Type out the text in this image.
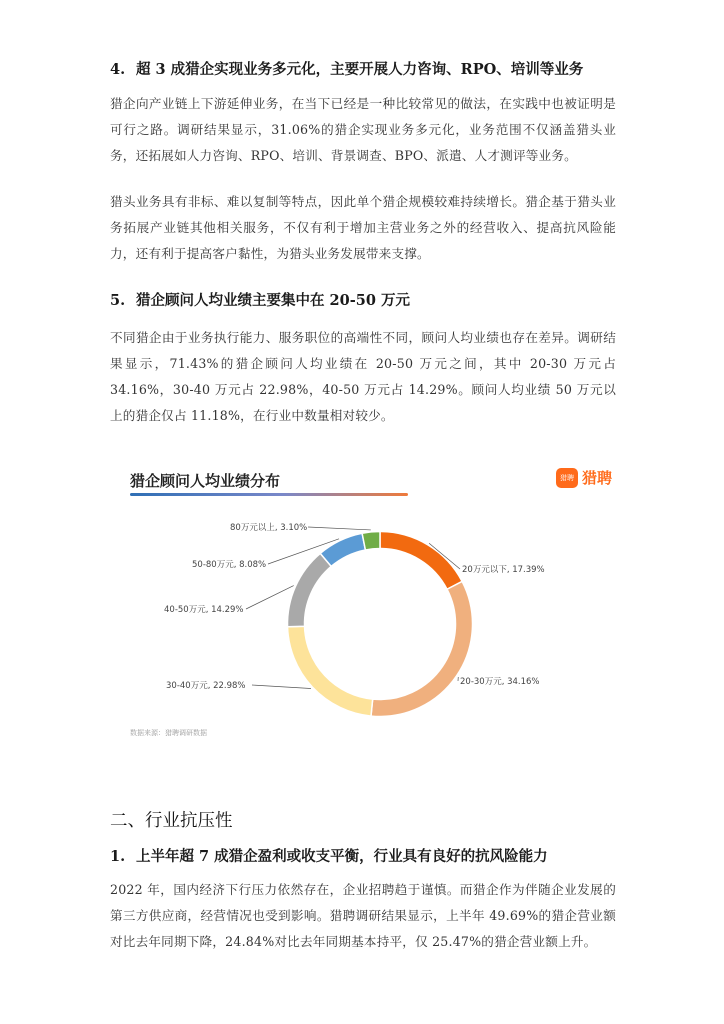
4. 超 3 成猎企实现业务多元化，主要开展人力咨询、RPO、培训等业务
猎企向产业链上下游延伸业务，在当下已经是一种比较常见的做法，在实践中也被证明是可行之路。调研结果显示，31.06%的猎企实现业务多元化，业务范围不仅涵盖猎头业务，还拓展如人力咨询、RPO、培训、背景调查、BPO、派遣、人才测评等业务。
猎头业务具有非标、难以复制等特点，因此单个猎企规模较难持续增长。猎企基于猎头业务拓展产业链其他相关服务，不仅有利于增加主营业务之外的经营收入、提高抗风险能力，还有利于提高客户黏性，为猎头业务发展带来支撑。
5. 猎企顾问人均业绩主要集中在 20-50 万元
不同猎企由于业务执行能力、服务职位的高端性不同，顾问人均业绩也存在差异。调研结果显示，71.43%的猎企顾问人均业绩在 20-50 万元之间，其中 20-30 万元占 34.16%，30-40 万元占 22.98%，40-50 万元占 14.29%。顾问人均业绩 50 万元以上的猎企仅占 11.18%，在行业中数量相对较少。
猎企顾问人均业绩分布	猎聘 猎聘
20万元以下, 17.39%
20-30万元, 34.16%
30-40万元, 22.98%
40-50万元, 14.29%
50-80万元, 8.08%
80万元以上, 3.10%
数据来源：猎聘调研数据
二、行业抗压性
1. 上半年超 7 成猎企盈利或收支平衡，行业具有良好的抗风险能力
2022 年，国内经济下行压力依然存在，企业招聘趋于谨慎。而猎企作为伴随企业发展的第三方供应商，经营情况也受到影响。猎聘调研结果显示，上半年 49.69%的猎企营业额对比去年同期下降，24.84%对比去年同期基本持平，仅 25.47%的猎企营业额上升。
